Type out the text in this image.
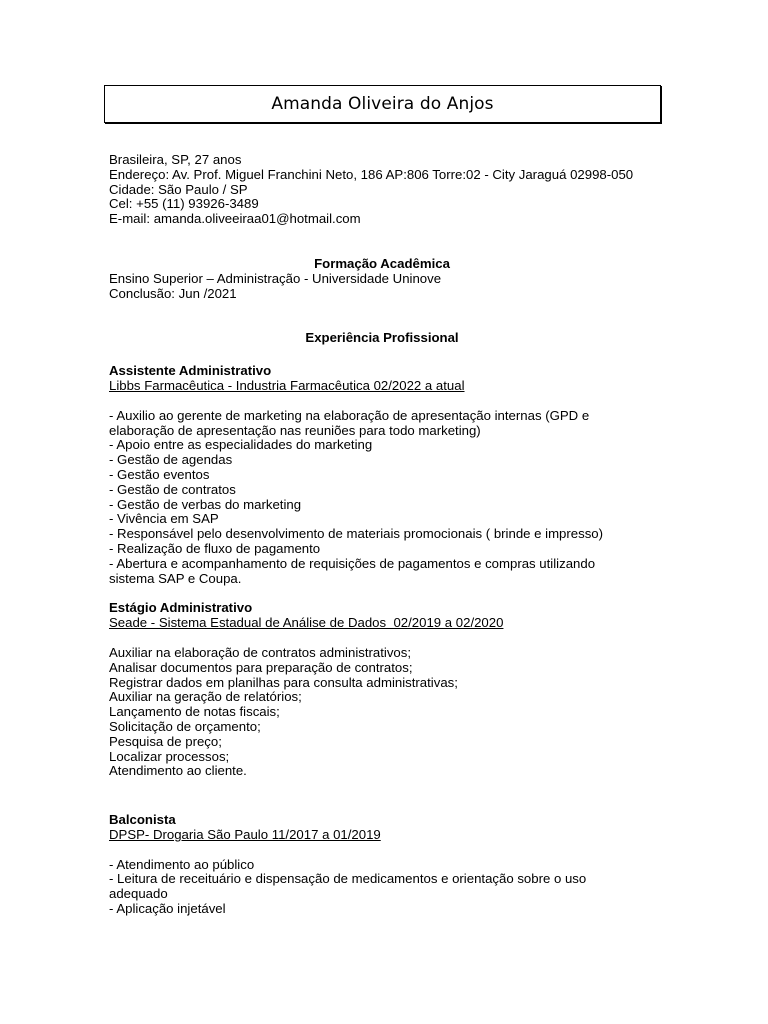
Amanda Oliveira do Anjos
Brasileira, SP, 27 anos
Endereço: Av. Prof. Miguel Franchini Neto, 186 AP:806 Torre:02 - City Jaraguá 02998-050
Cidade: São Paulo / SP
Cel: +55 (11) 93926-3489
E-mail: amanda.oliveeiraa01@hotmail.com
Formação Acadêmica
Ensino Superior – Administração - Universidade Uninove
Conclusão: Jun /2021
Experiência Profissional
Assistente Administrativo
Libbs Farmacêutica - Industria Farmacêutica 02/2022 a atual
- Auxilio ao gerente de marketing na elaboração de apresentação internas (GPD e
elaboração de apresentação nas reuniões para todo marketing)
- Apoio entre as especialidades do marketing
- Gestão de agendas
- Gestão eventos
- Gestão de contratos
- Gestão de verbas do marketing
- Vivência em SAP
- Responsável pelo desenvolvimento de materiais promocionais ( brinde e impresso)
- Realização de fluxo de pagamento
- Abertura e acompanhamento de requisições de pagamentos e compras utilizando
sistema SAP e Coupa.
Estágio Administrativo
Seade - Sistema Estadual de Análise de Dados  02/2019 a 02/2020
Auxiliar na elaboração de contratos administrativos;
Analisar documentos para preparação de contratos;
Registrar dados em planilhas para consulta administrativas;
Auxiliar na geração de relatórios;
Lançamento de notas fiscais;
Solicitação de orçamento;
Pesquisa de preço;
Localizar processos;
Atendimento ao cliente.
Balconista
DPSP- Drogaria São Paulo 11/2017 a 01/2019
- Atendimento ao público
- Leitura de receituário e dispensação de medicamentos e orientação sobre o uso
adequado
- Aplicação injetável
